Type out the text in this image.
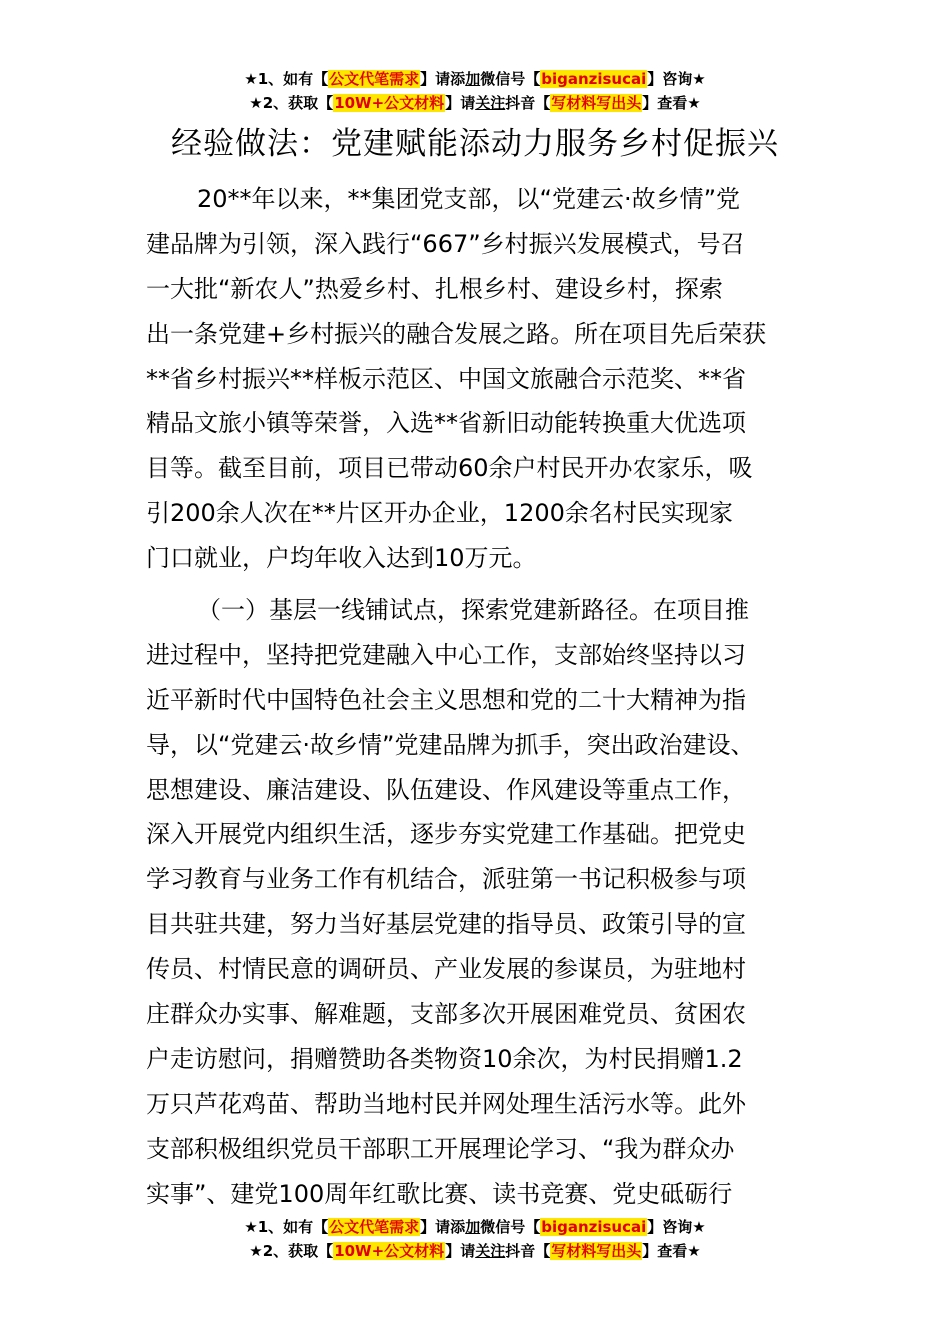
★1、如有【公文代笔需求】请添加微信号【biganzisucai】咨询★
★2、获取【10W+公文材料】请关注抖音【写材料写出头】查看★
经验做法：党建赋能添动力服务乡村促振兴
20**年以来，**集团党支部，以“党建云·故乡情”党
建品牌为引领，深入践行“667”乡村振兴发展模式，号召
一大批“新农人”热爱乡村、扎根乡村、建设乡村，探索
出一条党建+乡村振兴的融合发展之路。所在项目先后荣获
**省乡村振兴**样板示范区、中国文旅融合示范奖、**省
精品文旅小镇等荣誉，入选**省新旧动能转换重大优选项
目等。截至目前，项目已带动60余户村民开办农家乐，吸
引200余人次在**片区开办企业，1200余名村民实现家
门口就业，户均年收入达到10万元。
（一）基层一线铺试点，探索党建新路径。在项目推
进过程中，坚持把党建融入中心工作，支部始终坚持以习
近平新时代中国特色社会主义思想和党的二十大精神为指
导，以“党建云·故乡情”党建品牌为抓手，突出政治建设、
思想建设、廉洁建设、队伍建设、作风建设等重点工作，
深入开展党内组织生活，逐步夯实党建工作基础。把党史
学习教育与业务工作有机结合，派驻第一书记积极参与项
目共驻共建，努力当好基层党建的指导员、政策引导的宣
传员、村情民意的调研员、产业发展的参谋员，为驻地村
庄群众办实事、解难题，支部多次开展困难党员、贫困农
户走访慰问，捐赠赞助各类物资10余次，为村民捐赠1.2
万只芦花鸡苗、帮助当地村民并网处理生活污水等。此外
支部积极组织党员干部职工开展理论学习、“我为群众办
实事”、建党100周年红歌比赛、读书竞赛、党史砥砺行
★1、如有【公文代笔需求】请添加微信号【biganzisucai】咨询★
★2、获取【10W+公文材料】请关注抖音【写材料写出头】查看★
